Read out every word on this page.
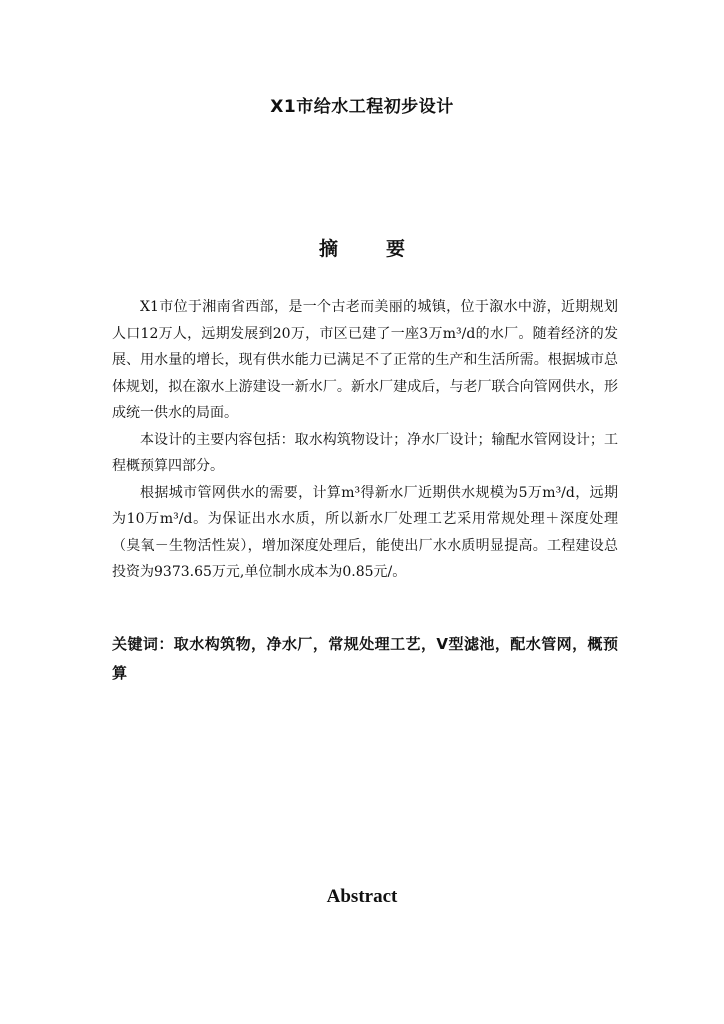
X1市给水工程初步设计
摘	要

X1市位于湘南省西部，是一个古老而美丽的城镇，位于溆水中游，近期规划人口12万人，远期发展到20万，市区已建了一座3万m³/d的水厂。随着经济的发展、用水量的增长，现有供水能力已满足不了正常的生产和生活所需。根据城市总体规划，拟在溆水上游建设一新水厂。新水厂建成后，与老厂联合向管网供水，形成统一供水的局面。

本设计的主要内容包括：取水构筑物设计；净水厂设计；输配水管网设计；工程概预算四部分。

根据城市管网供水的需要，计算m³得新水厂近期供水规模为5万m³/d，远期为10万m³/d。为保证出水水质，所以新水厂处理工艺采用常规处理＋深度处理（臭氧－生物活性炭），增加深度处理后，能使出厂水水质明显提高。工程建设总投资为9373.65万元,单位制水成本为0.85元/。

关键词：取水构筑物，净水厂，常规处理工艺，V型滤池，配水管网，概预算

Abstract
